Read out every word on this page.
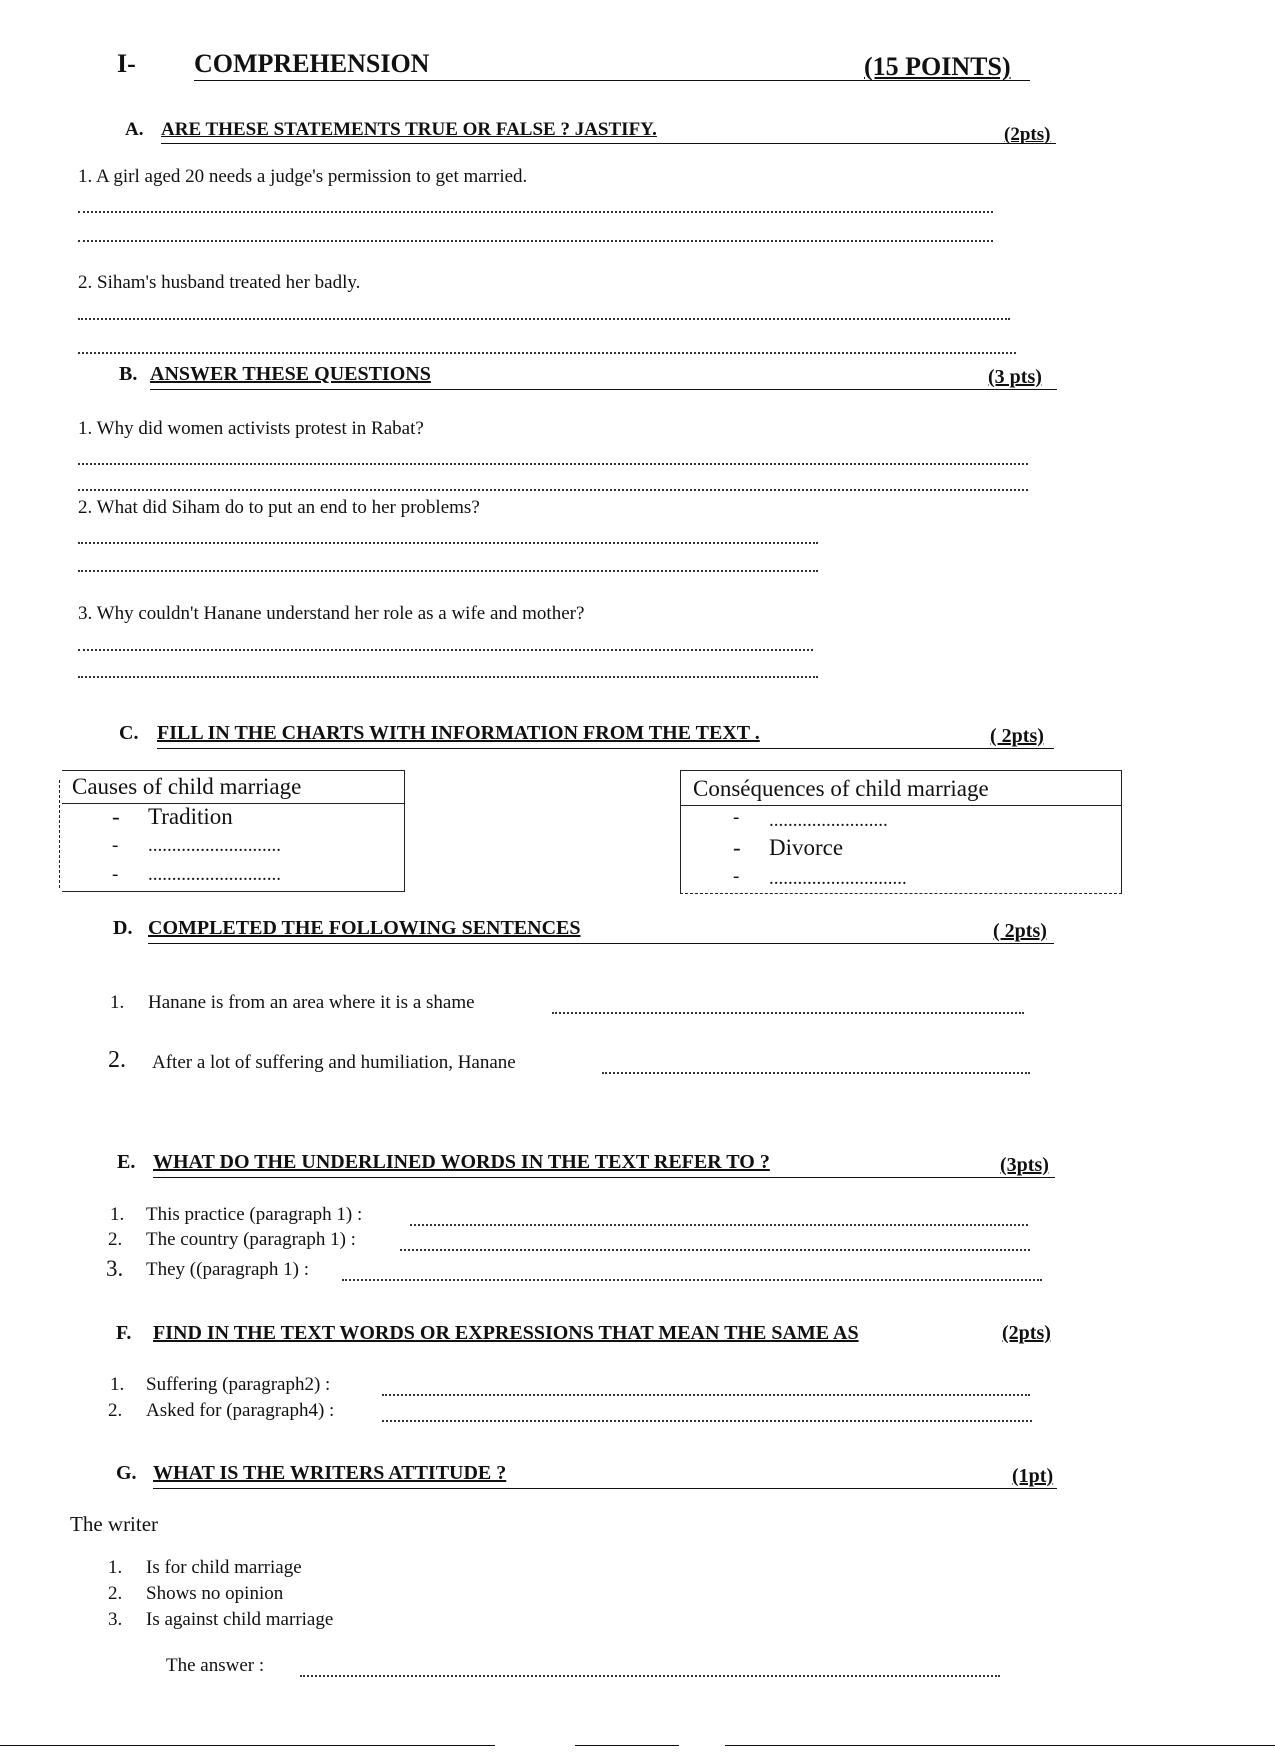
I- COMPREHENSION	(15 POINTS)
A. ARE THESE STATEMENTS TRUE OR FALSE ? JASTIFY.	(2pts)
1. A girl aged 20 needs a judge's permission to get married.
2. Siham's husband treated her badly.
B. ANSWER THESE QUESTIONS	(3 pts)
1. Why did women activists protest in Rabat?
2. What did Siham do to put an end to her problems?
3. Why couldn't Hanane understand her role as a wife and mother?
C. FILL IN THE CHARTS WITH INFORMATION FROM THE TEXT .	( 2pts)
Causes of child marriage
- Tradition
- ............................
- ............................
Conséquences of child marriage
- .........................
- Divorce
- .............................
D. COMPLETED THE FOLLOWING SENTENCES	( 2pts)
1. Hanane is from an area where it is a shame
2. After a lot of suffering and humiliation, Hanane
E. WHAT DO THE UNDERLINED WORDS IN THE TEXT REFER TO ?	(3pts)
1. This practice (paragraph 1) :
2. The country (paragraph 1) :
3. They ((paragraph 1) :
F. FIND IN THE TEXT WORDS OR EXPRESSIONS THAT MEAN THE SAME AS	(2pts)
1. Suffering (paragraph2) :
2. Asked for (paragraph4) :
G. WHAT IS THE WRITERS ATTITUDE ?	(1pt)
The writer
1. Is for child marriage
2. Shows no opinion
3. Is against child marriage
The answer :
